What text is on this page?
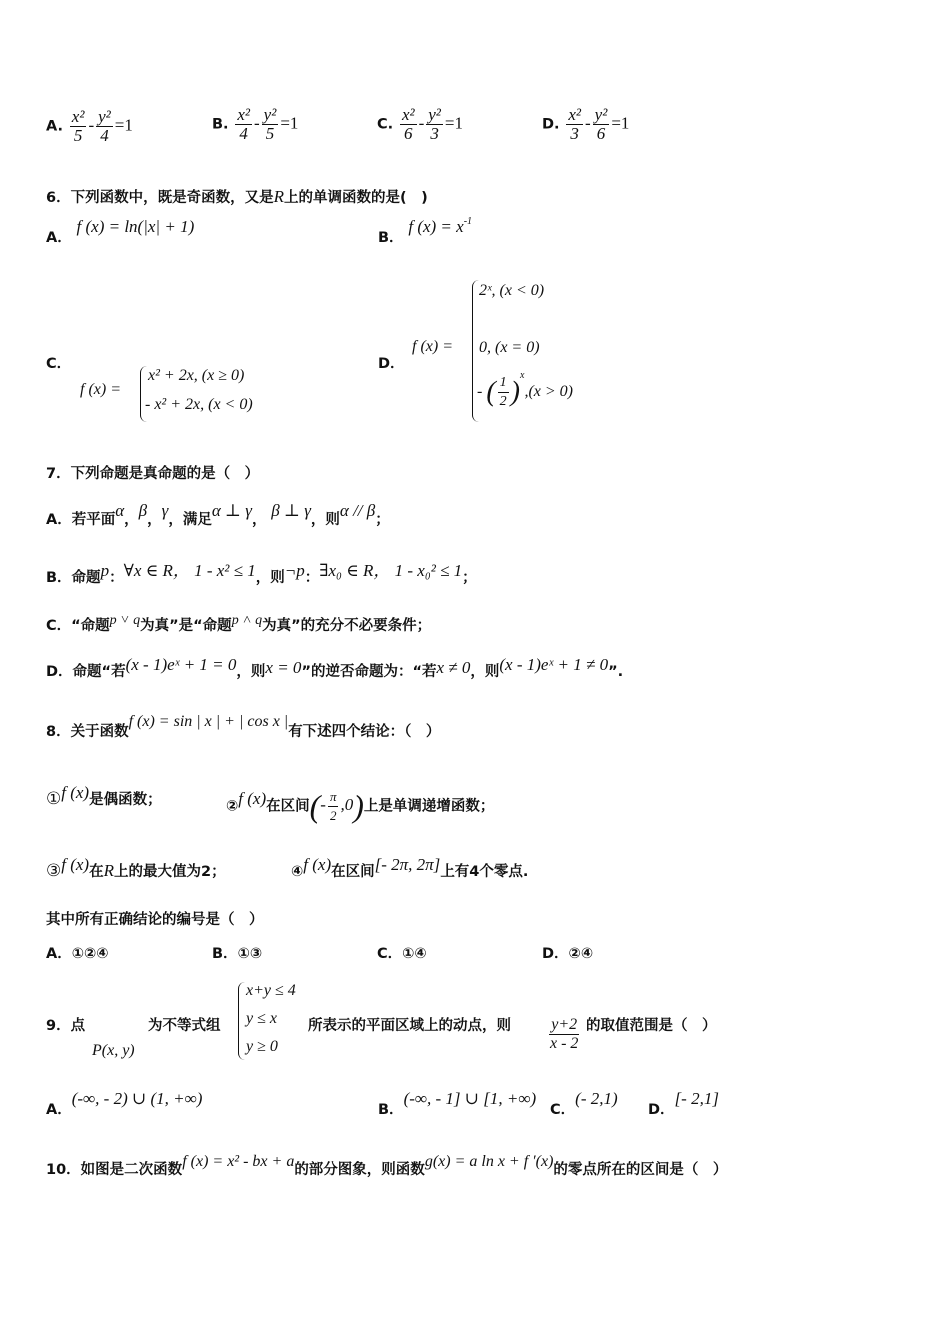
A. $\frac{\text{x²}}{5} - \frac{\text{y²}}{4} =1$	B. $\frac{\text{x²}}{4} - \frac{\text{y²}}{5} =1$	C. $\frac{\text{x²}}{6} - \frac{\text{y²}}{3} =1$	D. $\frac{\text{x²}}{3} - \frac{\text{y²}}{6} =1$
6．下列函数中，既是奇函数，又是R上的单调函数的是(　)
A． f (x) = ln(|x| + 1)
B． f $(x) = x^{-1}$
C．
f (x) =
x² + 2x, (x ≥ 0)
- x² + 2x, (x < 0)
D．
f (x) =
2ˣ, (x < 0)
0, (x = 0)
- ( $\frac{1}{2} )^x,(x > 0)$
7．下列命题是真命题的是（　）
A．若平面α，β，γ，满足α ⊥ γ， β ⊥ γ，则α // β；
B．命题p：∀x ∈ R， 1 - x² ≤ 1，则¬p：∃x₀ ∈ R， 1 - x₀² ≤ 1；
C．“命题p ˅ q为真”是“命题p ˄ q为真”的充分不必要条件；
D．命题“若(x - 1)eˣ + 1 = 0，则x = 0”的逆否命题为：“若x ≠ 0，则(x - 1)eˣ + 1 ≠ 0”.
8．关于函数f (x) = sin | x | + | cos x |有下述四个结论：（　）
①f (x)是偶函数；	②f (x)在区间(- $\frac{\pi}{2} ,0$)上是单调递增函数；
③f (x)在R上的最大值为2；	④f (x)在区间[- 2π, 2π]上有4个零点.
其中所有正确结论的编号是（　）
A．①②④	B．①③	C．①④	D．②④
9．点
P(x, y)
为不等式组
x+y ≤ 4
y ≤ x
y ≥ 0
所表示的平面区域上的动点，则 $\frac{y+2}{x - 2}$ 的取值范围是（　）
A．(-∞, - 2) ∪ (1, +∞)
B．(-∞, - 1] ∪ [1, +∞)
C．(- 2,1)
D．[- 2,1]
10．如图是二次函数f (x) = x² - bx + a的部分图象，则函数g(x) = a ln x + f ′(x)的零点所在的区间是（　）
